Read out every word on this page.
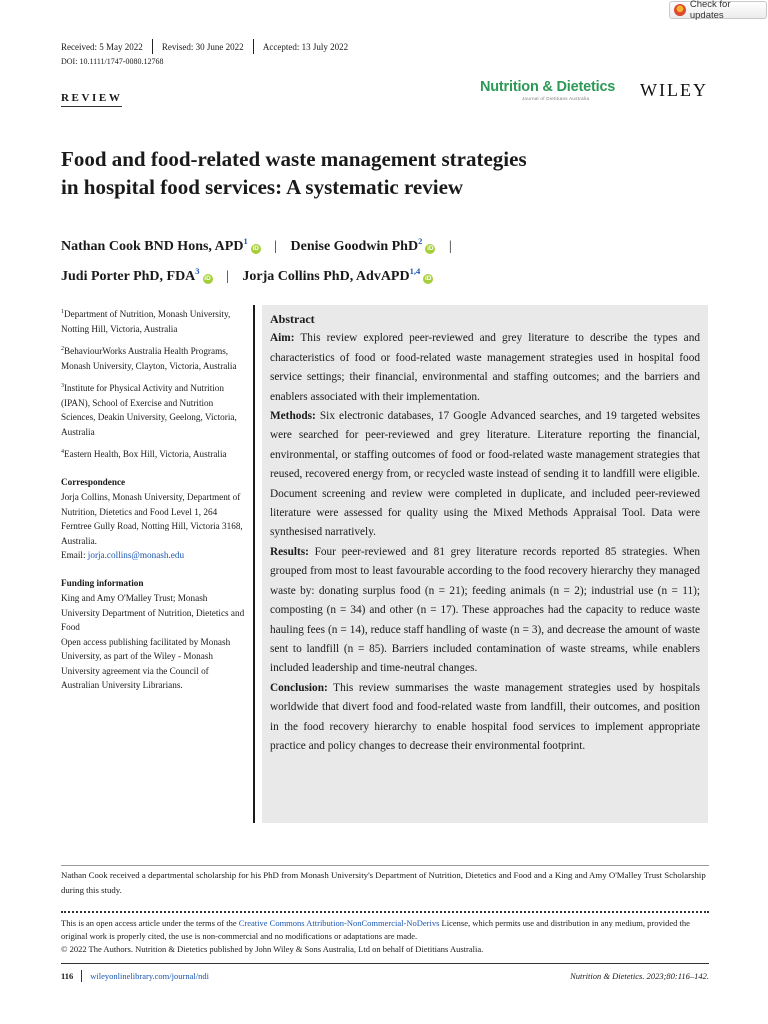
Check for updates
Received: 5 May 2022 Revised: 30 June 2022 Accepted: 13 July 2022
DOI: 10.1111/1747-0080.12768
REVIEW
Nutrition & Dietetics
Journal of Dietitians Australia	WILEY
Food and food-related waste management strategies
in hospital food services: A systematic review
Nathan Cook BND Hons, APD$^1$iD | Denise Goodwin PhD$^2$iD |
Judi Porter PhD, FDA$^3$iD | Jorja Collins PhD, AdvAPD$^{1,4}$iD

$^1$Department of Nutrition, Monash University, Notting Hill, Victoria, Australia

$^2$BehaviourWorks Australia Health Programs, Monash University, Clayton, Victoria, Australia

$^3$Institute for Physical Activity and Nutrition (IPAN), School of Exercise and Nutrition Sciences, Deakin University, Geelong, Victoria, Australia

$^4$Eastern Health, Box Hill, Victoria, Australia

Correspondence

Jorja Collins, Monash University, Department of Nutrition, Dietetics and Food Level 1, 264 Ferntree Gully Road, Notting Hill, Victoria 3168, Australia.

Email: jorja.collins@monash.edu

Funding information

King and Amy O'Malley Trust; Monash University Department of Nutrition, Dietetics and Food

Open access publishing facilitated by Monash University, as part of the Wiley - Monash University agreement via the Council of Australian University Librarians.

Abstract

Aim: This review explored peer-reviewed and grey literature to describe the types and characteristics of food or food-related waste management strategies used in hospital food service settings; their financial, environmental and staffing outcomes; and the barriers and enablers associated with their implementation.

Methods: Six electronic databases, 17 Google Advanced searches, and 19 targeted websites were searched for peer-reviewed and grey literature. Literature reporting the financial, environmental, or staffing outcomes of food or food-related waste management strategies that reused, recovered energy from, or recycled waste instead of sending it to landfill were eligible. Document screening and review were completed in duplicate, and included peer-reviewed literature were assessed for quality using the Mixed Methods Appraisal Tool. Data were synthesised narratively.

Results: Four peer-reviewed and 81 grey literature records reported 85 strategies. When grouped from most to least favourable according to the food recovery hierarchy they managed waste by: donating surplus food (n = 21); feeding animals (n = 2); industrial use (n = 11); composting (n = 34) and other (n = 17). These approaches had the capacity to reduce waste hauling fees (n = 14), reduce staff handling of waste (n = 3), and decrease the amount of waste sent to landfill (n = 85). Barriers included contamination of waste streams, while enablers included leadership and time-neutral changes.

Conclusion: This review summarises the waste management strategies used by hospitals worldwide that divert food and food-related waste from landfill, their outcomes, and position in the food recovery hierarchy to enable hospital food services to implement appropriate practice and policy changes to decrease their environmental footprint.

Nathan Cook received a departmental scholarship for his PhD from Monash University's Department of Nutrition, Dietetics and Food and a King and Amy O'Malley Trust Scholarship during this study.
This is an open access article under the terms of the Creative Commons Attribution-NonCommercial-NoDerivs License, which permits use and distribution in any medium, provided the original work is properly cited, the use is non-commercial and no modifications or adaptations are made.
© 2022 The Authors. Nutrition & Dietetics published by John Wiley & Sons Australia, Ltd on behalf of Dietitians Australia.
116 wileyonlinelibrary.com/journal/ndi	Nutrition & Dietetics. 2023;80:116–142.
